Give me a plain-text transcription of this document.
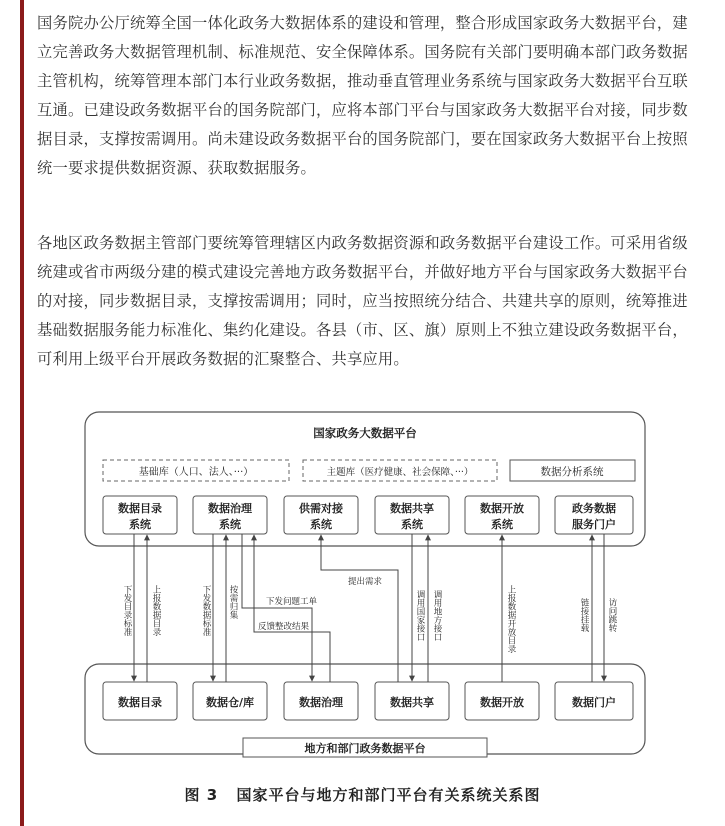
国务院办公厅统筹全国一体化政务大数据体系的建设和管理，整合形成国家政务大数据平台，建立完善政务大数据管理机制、标准规范、安全保障体系。国务院有关部门要明确本部门政务数据主管机构，统筹管理本部门本行业政务数据，推动垂直管理业务系统与国家政务大数据平台互联互通。已建设政务数据平台的国务院部门，应将本部门平台与国家政务大数据平台对接，同步数据目录，支撑按需调用。尚未建设政务数据平台的国务院部门，要在国家政务大数据平台上按照统一要求提供数据资源、获取数据服务。

各地区政务数据主管部门要统筹管理辖区内政务数据资源和政务数据平台建设工作。可采用省级统建或省市两级分建的模式建设完善地方政务数据平台，并做好地方平台与国家政务大数据平台的对接，同步数据目录，支撑按需调用；同时，应当按照统分结合、共建共享的原则，统筹推进基础数据服务能力标准化、集约化建设。各县（市、区、旗）原则上不独立建设政务数据平台，可利用上级平台开展政务数据的汇聚整合、共享应用。

国家政务大数据平台
基础库（人口、法人、···）	主题库（医疗健康、社会保障、···）	数据分析系统
数据目录
系统
数据治理
系统
供需对接
系统
数据共享
系统
数据开放
系统
政务数据
服务门户
数据目录	数据仓/库	数据治理	数据共享	数据开放	数据门户
地方和部门政务数据平台
下发目录标准 上报数据目录	下发数据标准 按需归集	调用国家接口 调用地方接口	上报数据开放目录	链接挂载 访问跳转
下发问题工单
反馈整改结果
提出需求
图 3 国家平台与地方和部门平台有关系统关系图
